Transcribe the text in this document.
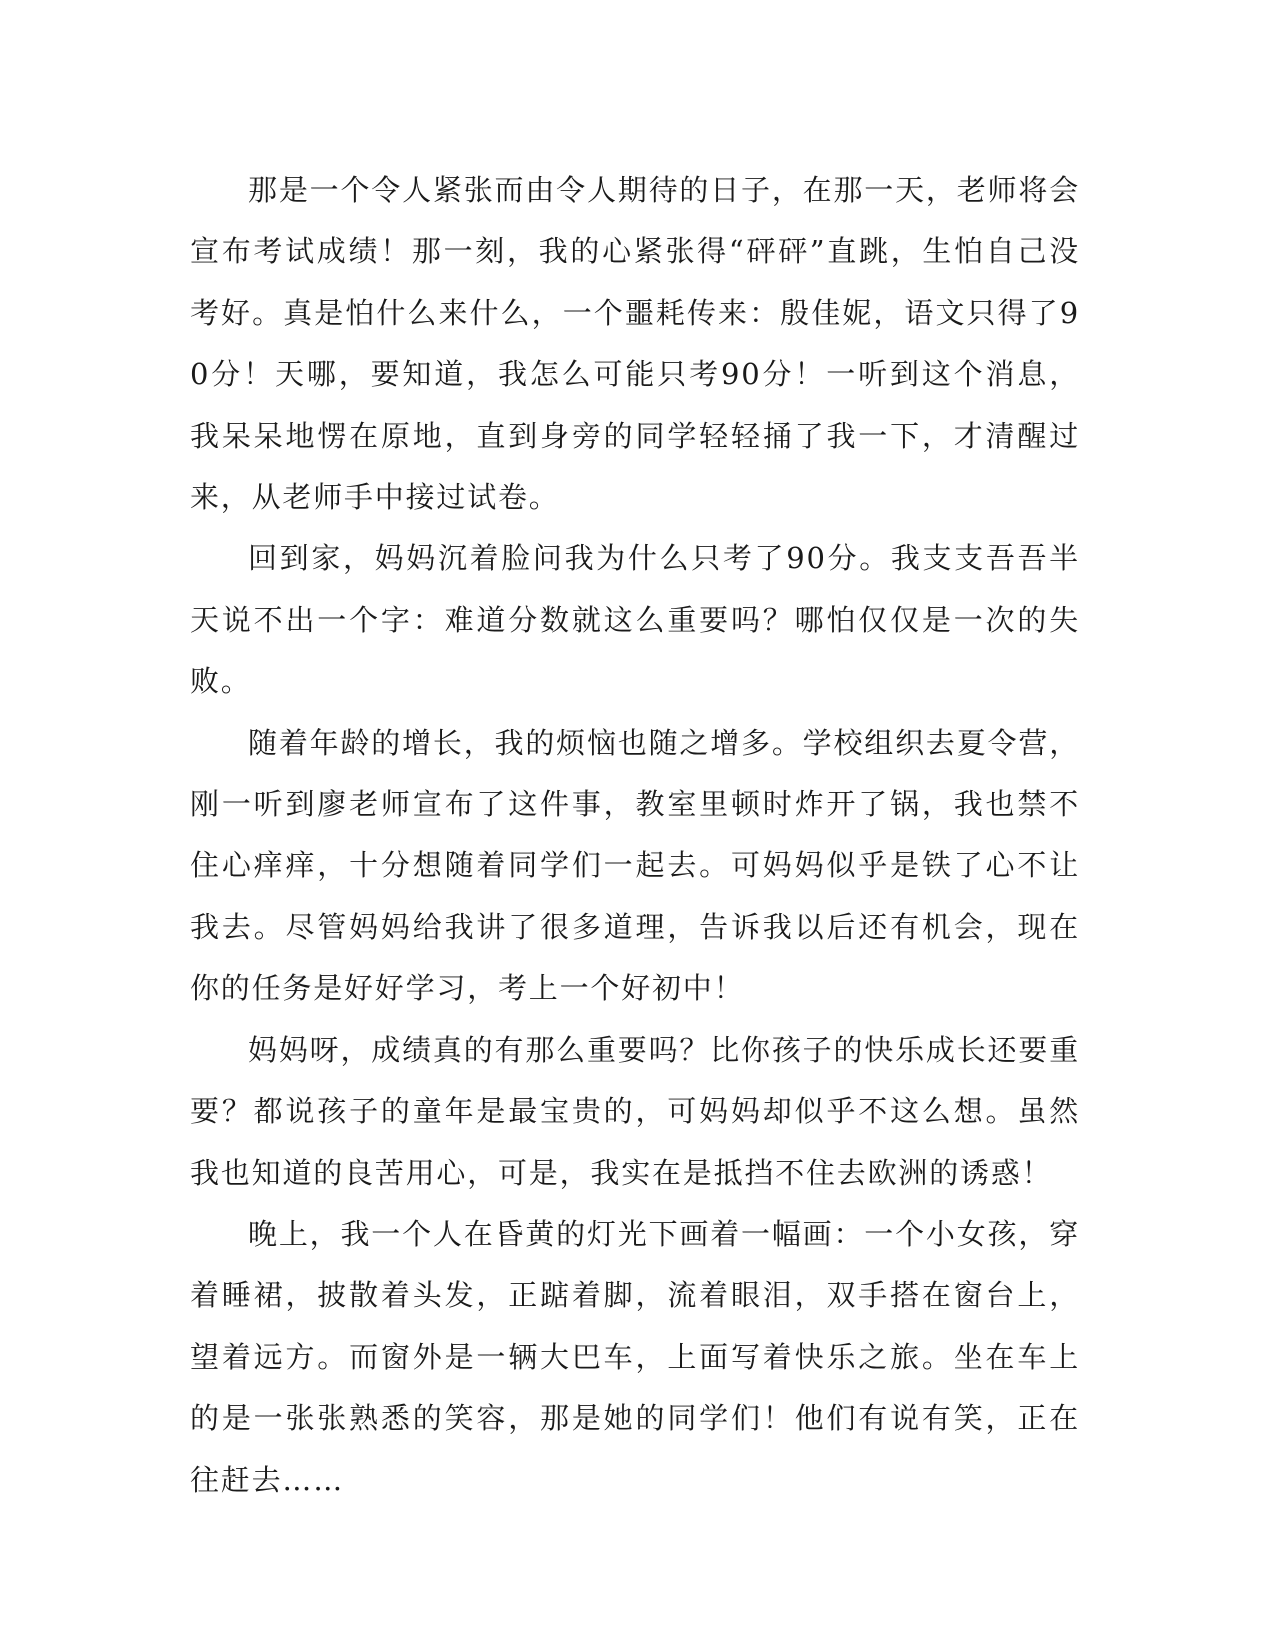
那是一个令人紧张而由令人期待的日子，在那一天，老师将会宣布考试成绩！那一刻，我的心紧张得“砰砰”直跳，生怕自己没考好。真是怕什么来什么，一个噩耗传来：殷佳妮，语文只得了90分！天哪，要知道，我怎么可能只考90分！一听到这个消息，我呆呆地愣在原地，直到身旁的同学轻轻捅了我一下，才清醒过来，从老师手中接过试卷。

回到家，妈妈沉着脸问我为什么只考了90分。我支支吾吾半天说不出一个字：难道分数就这么重要吗？哪怕仅仅是一次的失败。

随着年龄的增长，我的烦恼也随之增多。学校组织去夏令营，刚一听到廖老师宣布了这件事，教室里顿时炸开了锅，我也禁不住心痒痒，十分想随着同学们一起去。可妈妈似乎是铁了心不让我去。尽管妈妈给我讲了很多道理，告诉我以后还有机会，现在你的任务是好好学习，考上一个好初中！

妈妈呀，成绩真的有那么重要吗？比你孩子的快乐成长还要重要？都说孩子的童年是最宝贵的，可妈妈却似乎不这么想。虽然我也知道的良苦用心，可是，我实在是抵挡不住去欧洲的诱惑！

晚上，我一个人在昏黄的灯光下画着一幅画：一个小女孩，穿着睡裙，披散着头发，正踮着脚，流着眼泪，双手搭在窗台上，望着远方。而窗外是一辆大巴车，上面写着快乐之旅。坐在车上的是一张张熟悉的笑容，那是她的同学们！他们有说有笑，正在往赶去……
